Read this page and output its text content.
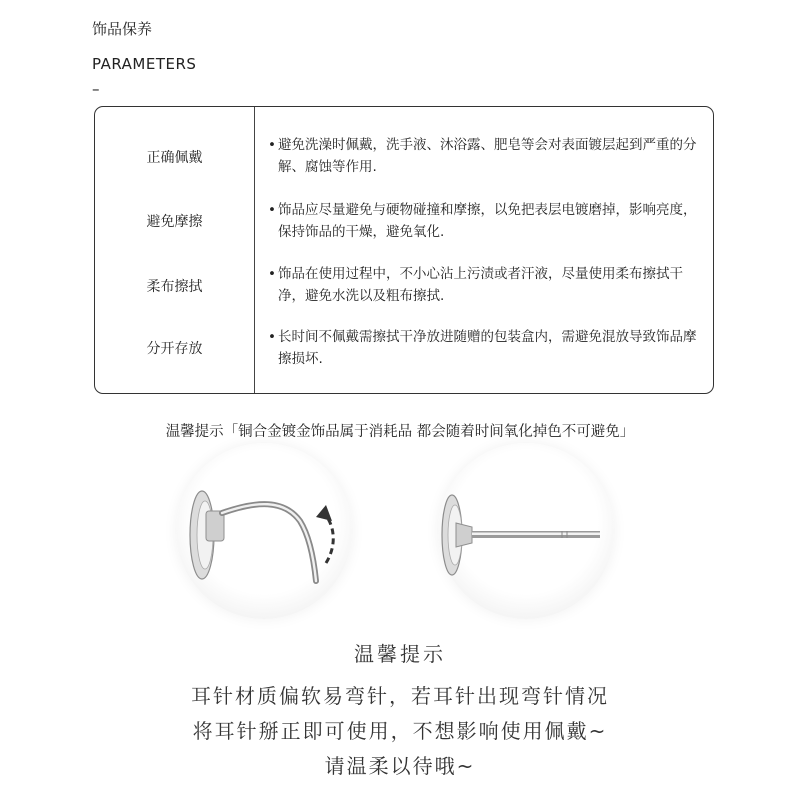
饰品保养
PARAMETERS
–
正确佩戴
• 避免洗澡时佩戴，洗手液、沐浴露、肥皂等会对表面镀层起到严重的分解、腐蚀等作用.
避免摩擦
• 饰品应尽量避免与硬物碰撞和摩擦，以免把表层电镀磨掉，影响亮度，保持饰品的干燥，避免氧化.
柔布擦拭
• 饰品在使用过程中，不小心沾上污渍或者汗液，尽量使用柔布擦拭干净，避免水洗以及粗布擦拭.
分开存放
• 长时间不佩戴需擦拭干净放进随赠的包装盒内，需避免混放导致饰品摩擦损坏.
温馨提示「铜合金镀金饰品属于消耗品 都会随着时间氧化掉色不可避免」
温馨提示
耳针材质偏软易弯针，若耳针出现弯针情况
将耳针掰正即可使用，不想影响使用佩戴~
请温柔以待哦~
